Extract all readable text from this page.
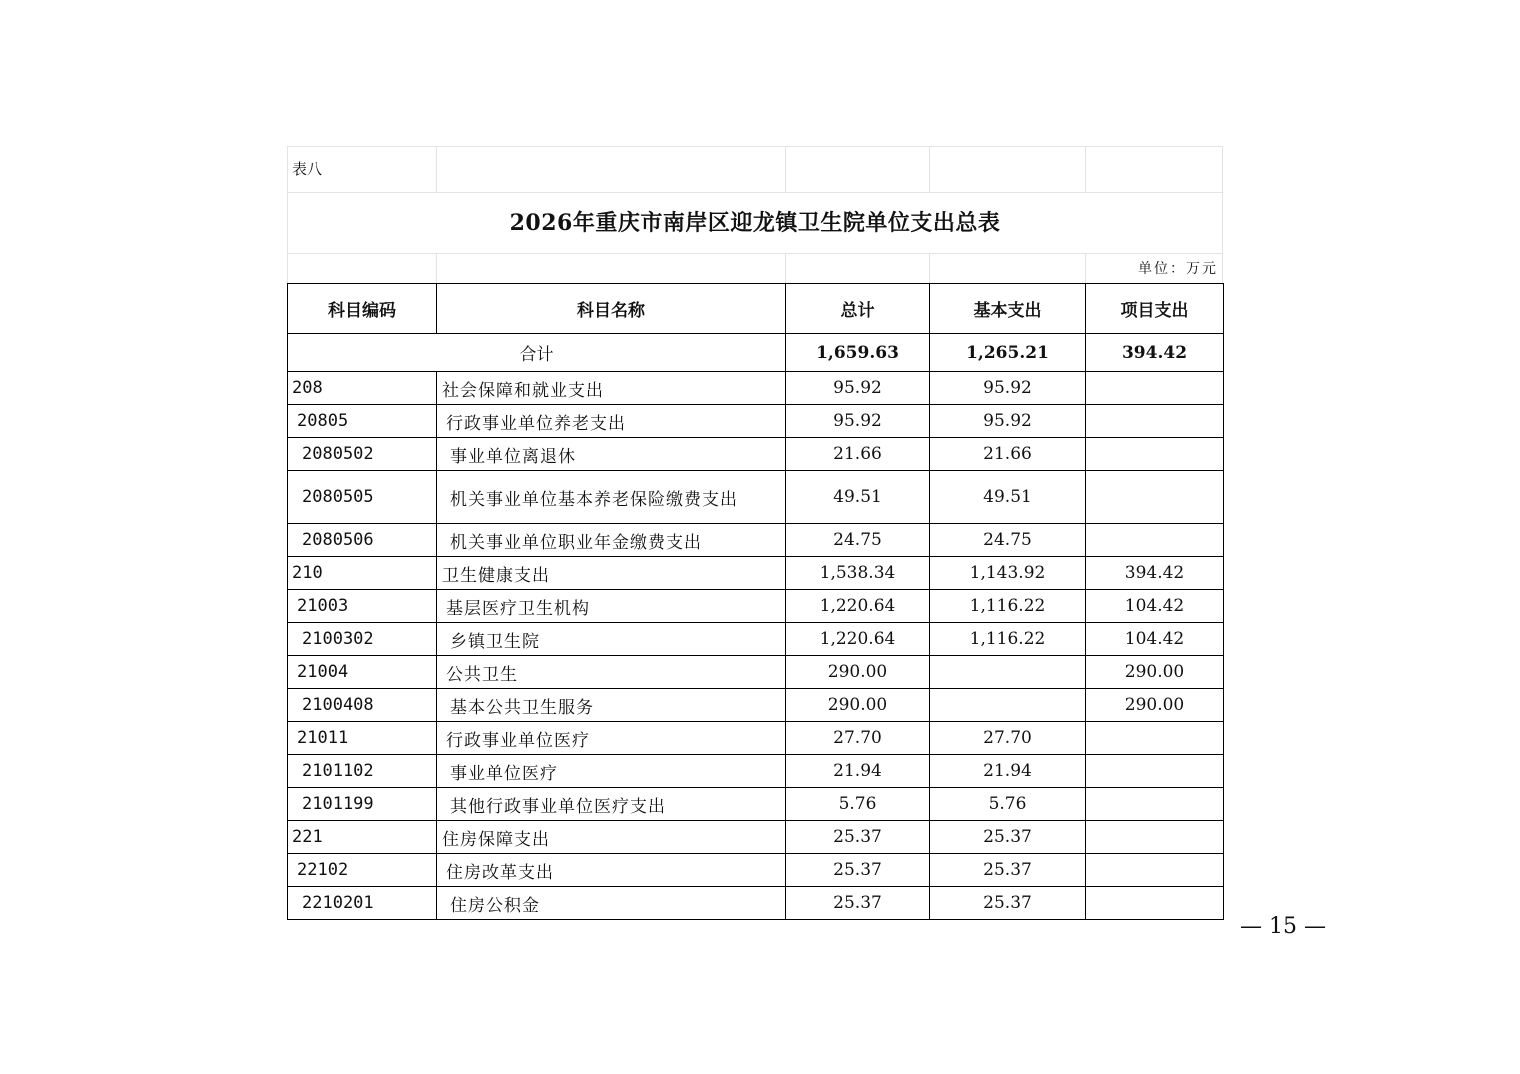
表八
2026年重庆市南岸区迎龙镇卫生院单位支出总表
单位：万元
科目编码	科目名称	总计	基本支出	项目支出
合计		1,659.63	1,265.21	394.42
208	社会保障和就业支出	95.92	95.92	
20805	行政事业单位养老支出	95.92	95.92	
2080502	事业单位离退休	21.66	21.66	
2080505	机关事业单位基本养老保险缴费支出	49.51	49.51	
2080506	机关事业单位职业年金缴费支出	24.75	24.75	
210	卫生健康支出	1,538.34	1,143.92	394.42
21003	基层医疗卫生机构	1,220.64	1,116.22	104.42
2100302	乡镇卫生院	1,220.64	1,116.22	104.42
21004	公共卫生	290.00		290.00
2100408	基本公共卫生服务	290.00		290.00
21011	行政事业单位医疗	27.70	27.70	
2101102	事业单位医疗	21.94	21.94	
2101199	其他行政事业单位医疗支出	5.76	5.76	
221	住房保障支出	25.37	25.37	
22102	住房改革支出	25.37	25.37	
2210201	住房公积金	25.37	25.37	
— 15 —
